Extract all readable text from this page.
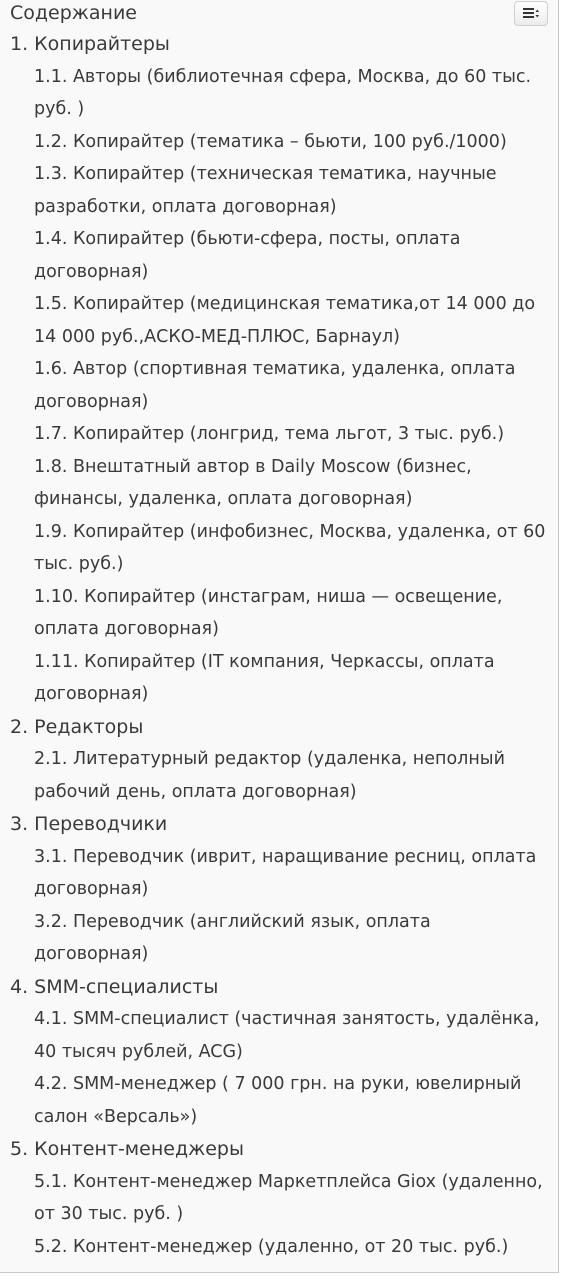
Содержание
1. Копирайтеры
1.1. Авторы (библиотечная сфера, Москва, до 60 тыс. руб. )
1.2. Копирайтер (тематика – бьюти, 100 руб./1000)
1.3. Копирайтер (техническая тематика, научные разработки, оплата договорная)
1.4. Копирайтер (бьюти-сфера, посты, оплата договорная)
1.5. Копирайтер (медицинская тематика,от 14 000 до 14 000 руб.,АСКО-МЕД-ПЛЮС, Барнаул)
1.6. Автор (спортивная тематика, удаленка, оплата договорная)
1.7. Копирайтер (лонгрид, тема льгот, 3 тыс. руб.)
1.8. Внештатный автор в Daily Moscow (бизнес, финансы, удаленка, оплата договорная)
1.9. Копирайтер (инфобизнес, Москва, удаленка, от 60 тыс. руб.)
1.10. Копирайтер (инстаграм, ниша — освещение, оплата договорная)
1.11. Копирайтер (IT компания, Черкассы, оплата договорная)
2. Редакторы
2.1. Литературный редактор (удаленка, неполный рабочий день, оплата договорная)
3. Переводчики
3.1. Переводчик (иврит, наращивание ресниц, оплата договорная)
3.2. Переводчик (английский язык, оплата договорная)
4. SMM-специалисты
4.1. SMM-специалист (частичная занятость, удалёнка, 40 тысяч рублей, ACG)
4.2. SMM-менеджер ( 7 000 грн. на руки, ювелирный салон «Версаль»)
5. Контент-менеджеры
5.1. Контент-менеджер Маркетплейса Giox (удаленно, от 30 тыс. руб. )
5.2. Контент-менеджер (удаленно, от 20 тыс. руб.)
